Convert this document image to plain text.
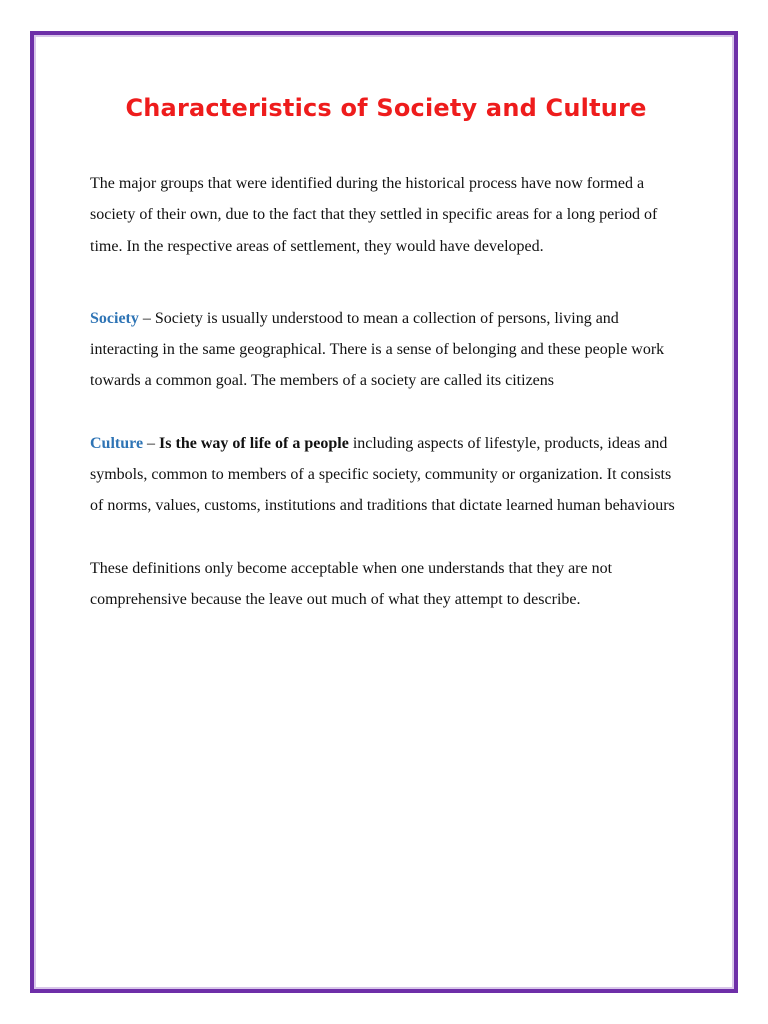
Characteristics of Society and Culture

The major groups that were identified during the historical process have now formed a society of their own, due to the fact that they settled in specific areas for a long period of time. In the respective areas of settlement, they would have developed.

Society – Society is usually understood to mean a collection of persons, living and interacting in the same geographical. There is a sense of belonging and these people work towards a common goal. The members of a society are called its citizens

Culture – Is the way of life of a people including aspects of lifestyle, products, ideas and symbols, common to members of a specific society, community or organization. It consists of norms, values, customs, institutions and traditions that dictate learned human behaviours

These definitions only become acceptable when one understands that they are not comprehensive because the leave out much of what they attempt to describe.
